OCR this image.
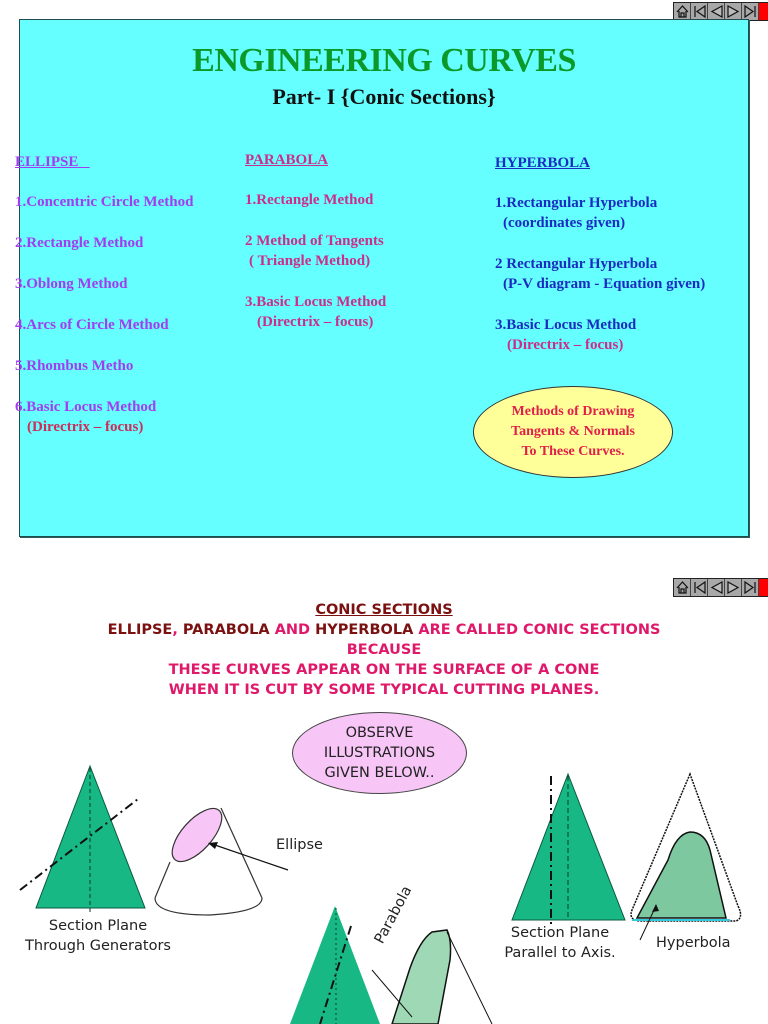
ENGINEERING CURVES
Part- I {Conic Sections}
ELLIPSE
1.Concentric Circle Method
2.Rectangle Method
3.Oblong Method
4.Arcs of Circle Method
5.Rhombus Metho
6.Basic Locus Method
(Directrix – focus)
PARABOLA
1.Rectangle Method
2 Method of Tangents
( Triangle Method)
3.Basic Locus Method
(Directrix – focus)
HYPERBOLA
1.Rectangular Hyperbola
(coordinates given)
2 Rectangular Hyperbola
(P-V diagram - Equation given)
3.Basic Locus Method
(Directrix – focus)
Methods of Drawing
Tangents & Normals
To These Curves.
CONIC SECTIONS
ELLIPSE, PARABOLA AND HYPERBOLA ARE CALLED CONIC SECTIONS
BECAUSE
THESE CURVES APPEAR ON THE SURFACE OF A CONE
WHEN IT IS CUT BY SOME TYPICAL CUTTING PLANES.
OBSERVE
ILLUSTRATIONS
GIVEN BELOW..
Ellipse
Section Plane
Through Generators	Parabola	Section Plane
Parallel to Axis.
Hyperbola
